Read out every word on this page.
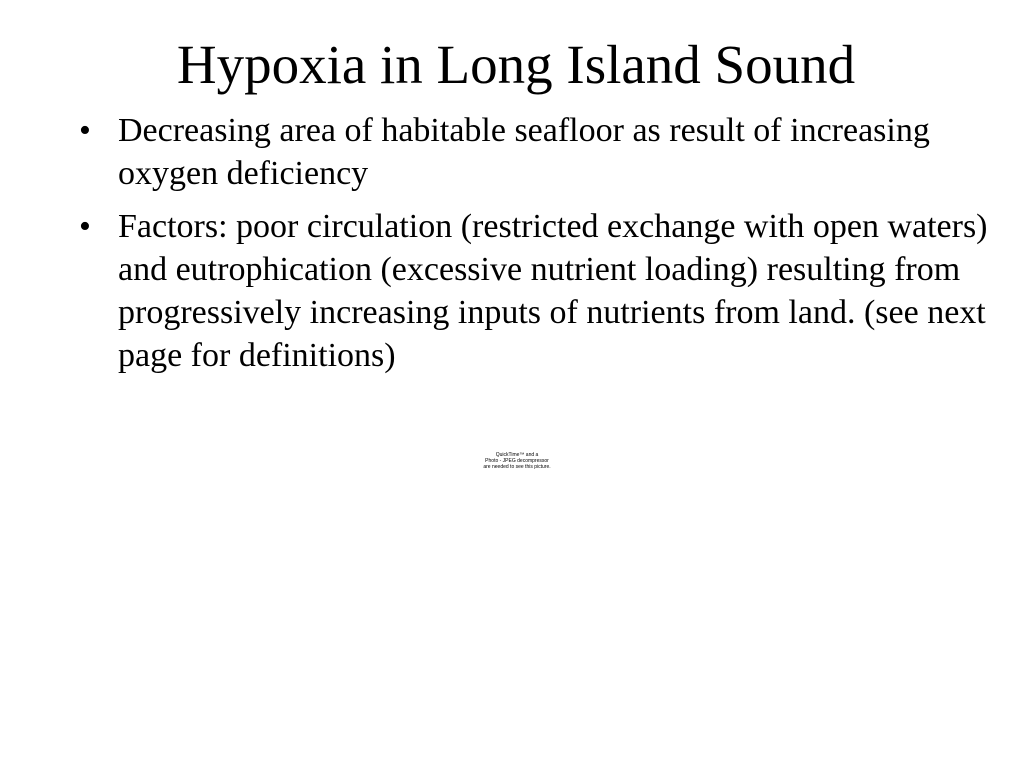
Hypoxia in Long Island Sound
• Decreasing area of habitable seafloor as result of increasing oxygen deficiency
• Factors: poor circulation (restricted exchange with open waters) and eutrophication (excessive nutrient loading) resulting from progressively increasing inputs of nutrients from land. (see next page for definitions)
QuickTime™ and a
Photo - JPEG decompressor
are needed to see this picture.
